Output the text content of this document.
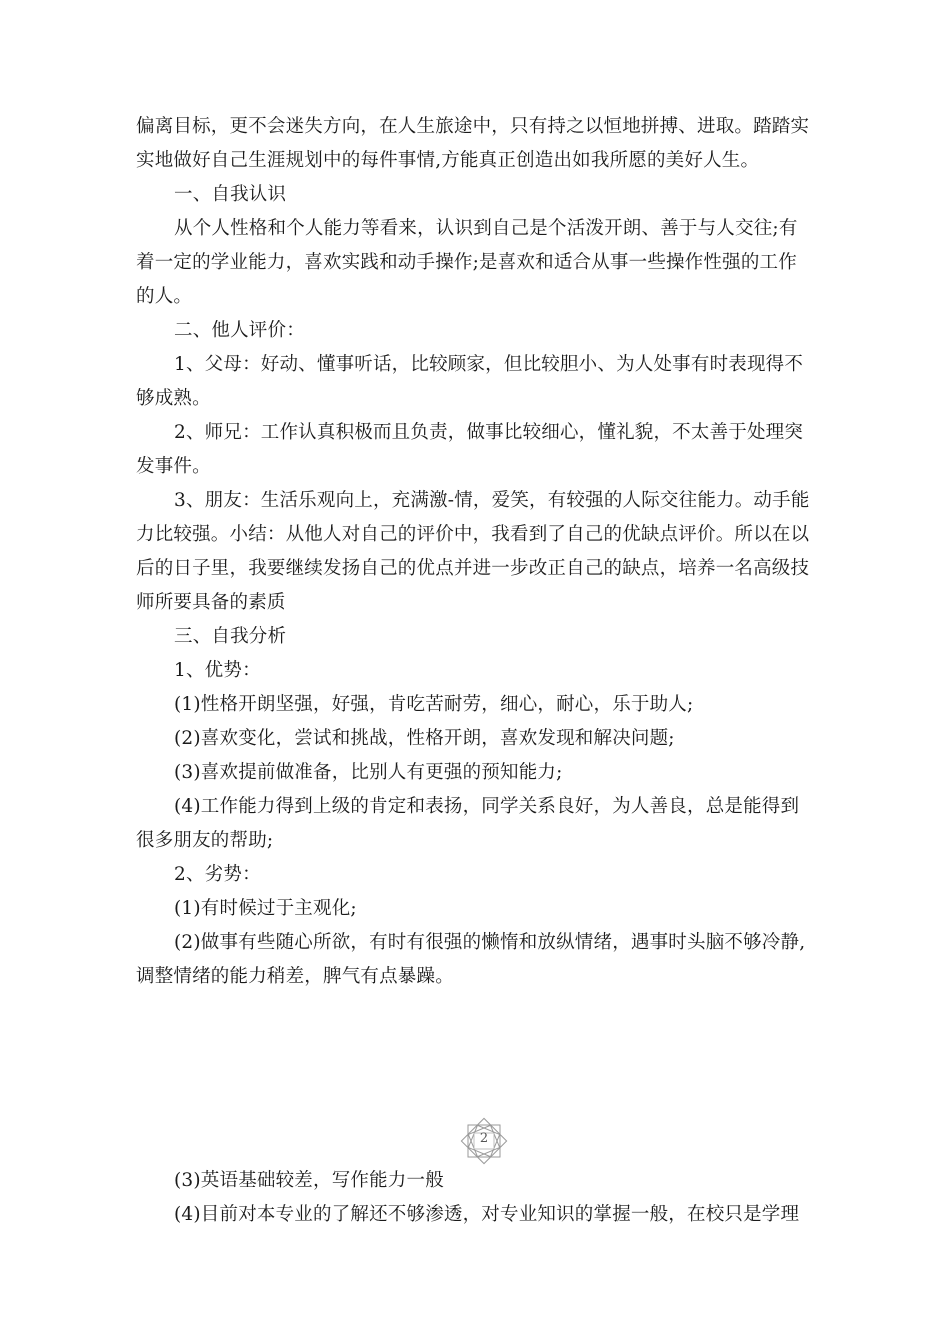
偏离目标，更不会迷失方向，在人生旅途中，只有持之以恒地拼搏、进取。踏踏实
实地做好自己生涯规划中的每件事情,方能真正创造出如我所愿的美好人生。
一、自我认识
从个人性格和个人能力等看来，认识到自己是个活泼开朗、善于与人交往;有
着一定的学业能力，喜欢实践和动手操作;是喜欢和适合从事一些操作性强的工作
的人。
二、他人评价：
1、父母：好动、懂事听话，比较顾家，但比较胆小、为人处事有时表现得不
够成熟。
2、师兄：工作认真积极而且负责，做事比较细心，懂礼貌，不太善于处理突
发事件。
3、朋友：生活乐观向上，充满激-情，爱笑，有较强的人际交往能力。动手能
力比较强。小结：从他人对自己的评价中，我看到了自己的优缺点评价。所以在以
后的日子里，我要继续发扬自己的优点并进一步改正自己的缺点，培养一名高级技
师所要具备的素质
三、自我分析
1、优势：
(1)性格开朗坚强，好强，肯吃苦耐劳，细心，耐心，乐于助人;
(2)喜欢变化，尝试和挑战，性格开朗，喜欢发现和解决问题;
(3)喜欢提前做准备，比别人有更强的预知能力;
(4)工作能力得到上级的肯定和表扬，同学关系良好，为人善良，总是能得到
很多朋友的帮助;
2、劣势：
(1)有时候过于主观化;
(2)做事有些随心所欲，有时有很强的懒惰和放纵情绪，遇事时头脑不够冷静,
调整情绪的能力稍差，脾气有点暴躁。
2
(3)英语基础较差，写作能力一般
(4)目前对本专业的了解还不够渗透，对专业知识的掌握一般，在校只是学理
